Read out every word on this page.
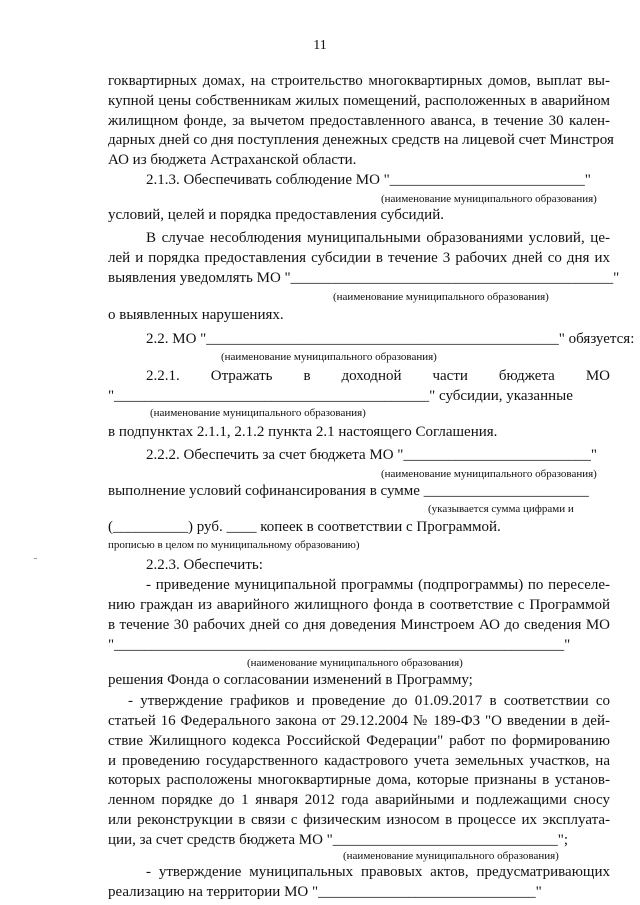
11
гоквартирных домах, на строительство многоквартирных домов, выплат вы-
купной цены собственникам жилых помещений, расположенных в аварийном
жилищном фонде, за вычетом предоставленного аванса, в течение 30 кален-
дарных дней со дня поступления денежных средств на лицевой счет Минстроя
АО из бюджета Астраханской области.
2.1.3. Обеспечивать соблюдение МО "__________________________"
(наименование муниципального образования)
условий, целей и порядка предоставления субсидий.
В случае несоблюдения муниципальными образованиями условий, це-
лей и порядка предоставления субсидии в течение 3 рабочих дней со дня их
выявления уведомлять МО "___________________________________________"
(наименование муниципального образования)
о выявленных нарушениях.
2.2. МО "_______________________________________________" обязуется:
(наименование муниципального образования)
2.2.1. Отражать в доходной части бюджета МО
"__________________________________________" субсидии, указанные
(наименование муниципального образования)
в подпунктах 2.1.1, 2.1.2 пункта 2.1 настоящего Соглашения.
2.2.2. Обеспечить за счет бюджета МО "_________________________"
(наименование муниципального образования)
выполнение условий софинансирования в сумме ______________________
(указывается сумма цифрами и
(__________) руб. ____ копеек в соответствии с Программой.
прописью в целом по муниципальному образованию)
2.2.3. Обеспечить:
- приведение муниципальной программы (подпрограммы) по переселе-
нию граждан из аварийного жилищного фонда в соответствие с Программой
в течение 30 рабочих дней со дня доведения Минстроем АО до сведения МО
"____________________________________________________________"
(наименование муниципального образования)
решения Фонда о согласовании изменений в Программу;
- утверждение графиков и проведение до 01.09.2017 в соответствии со
статьей 16 Федерального закона от 29.12.2004 № 189-ФЗ "О введении в дей-
ствие Жилищного кодекса Российской Федерации" работ по формированию
и проведению государственного кадастрового учета земельных участков, на
которых расположены многоквартирные дома, которые признаны в установ-
ленном порядке до 1 января 2012 года аварийными и подлежащими сносу
или реконструкции в связи с физическим износом в процессе их эксплуата-
ции, за счет средств бюджета МО "______________________________";
(наименование муниципального образования)
- утверждение муниципальных правовых актов, предусматривающих
реализацию на территории МО "_____________________________"
